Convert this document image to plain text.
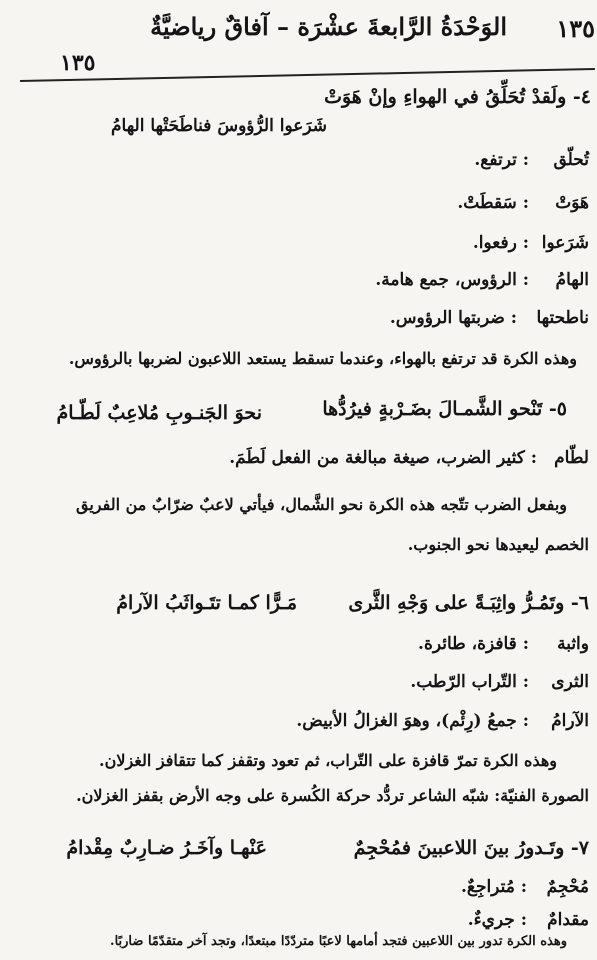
الوَحْدَةُ الرَّابعةَ عشْرَة – آفاقٌ رياضيَّةٌ ١٣٥
١٣٥
٤- ولَقدْ تُحَلِّقُ في الهواءِ وإنْ هَوَتْ
شَرَعوا الرُّؤوسَ فناطَحَتْها الهامُ
تُحلّق
: ترتفع.
هَوَتْ
: سَقطَتْ.
شَرَعوا
: رفعوا.
الهامُ
: الرؤوس، جمع هامة.
ناطحتها
: ضربتها الرؤوس.
وهذه الكرة قد ترتفع بالهواء، وعندما تسقط يستعد اللاعبون لضربها بالرؤوس.
٥- تَنْحو الشَّمـالَ بضَـرْبةٍ فيرُدُّها
نحوَ الجَنـوبِ مُلاعِبٌ لَطّـامُ
لطّام
: كثير الضرب، صيغة مبالغة من الفعل لَطَمَ.
وبفعل الضرب تتّجه هذه الكرة نحو الشَّمال، فيأتي لاعبٌ ضرّابٌ من الفريق
الخصم ليعيدها نحو الجنوب.
٦- وتَمُـرُّ واثِبَـةً على وَجْهِ الثَّرى
مَـرًّا كمـا تتَـواثَبُ الآرامُ
واثبة
: قافزة، طائرة.
الثرى
: التّراب الرّطب.
الآرامُ
: جمعُ (رِئْم)، وهوَ الغزالُ الأبيض.
وهذه الكرة تمرّ قافزة على التّراب، ثم تعود وتقفز كما تتقافز الغزلان.
الصورة الفنيّة: شبّه الشاعر تردُّد حركة الكُسرة على وجه الأرض بقفز الغزلان.
٧- وتَـدورُ بينَ اللاعبينَ فمُحْجِمٌ
عَنْهـا وآخَـرُ ضـارِبٌ مِقْدامُ
مُحْجِمٌ
: مُتراجِعٌ.
مقدامٌ
: جريءٌ.
وهذه الكرة تدور بين اللاعبين فتجد أمامها لاعبًا متردّدًا مبتعدًا، وتجد آخر متقدّمًا ضاربًا.
